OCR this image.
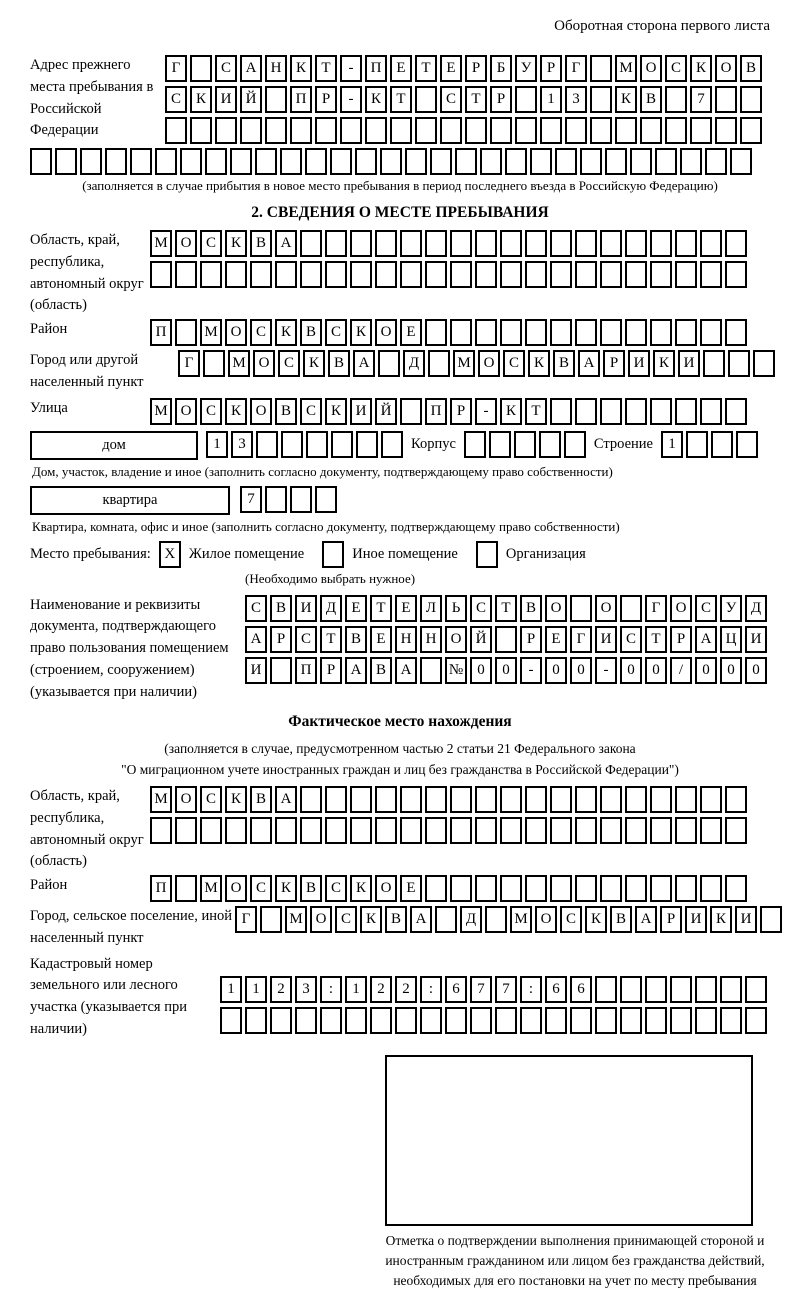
Оборотная сторона первого листа
Адрес прежнего места пребывания в Российской Федерации
Г	С А Н К	Т	-	П Е	Т	Е	Р	Б	У	Р	Г	М О С К О В
С К И Й	П	Р	-	К	Т	С	Т	Р	1	3	К В	7
(заполняется в случае прибытия в новое место пребывания в период последнего въезда в Российскую Федерацию)
2. СВЕДЕНИЯ О МЕСТЕ ПРЕБЫВАНИЯ
Область, край, республика, автономный округ (область)
М О С К В А
Район	П	М О С К В С К О Е
Город или другой населенный пункт
Г	М О С К В А	Д	М О С К В А	Р	И К И
Улица	М О С К О В С К И Й	П	Р	-	К	Т
дом	1	3	Корпус	Строение	1
Дом, участок, владение и иное (заполнить согласно документу, подтверждающему право собственности)
квартира	7
Квартира, комната, офис и иное (заполнить согласно документу, подтверждающему право собственности)
Место пребывания: X Жилое помещение	Иное помещение	Организация
(Необходимо выбрать нужное)
Наименование и реквизиты документа, подтверждающего право пользования помещением (строением, сооружением) (указывается при наличии)
С В И Д	Е	Т	Е	Л	Ь	С	Т	В О	О	Г	О С У Д
А	Р	С	Т	В	Е	Н Н О Й	Р	Е	Г	И С	Т	Р	А Ц И
И	П	Р	А В А	№ 0	0	-	0	0	-	0	0	/	0	0	0
Фактическое место нахождения
(заполняется в случае, предусмотренном частью 2 статьи 21 Федерального закона
"О миграционном учете иностранных граждан и лиц без гражданства в Российской Федерации")
Область, край, республика, автономный округ (область)
М О С К В А
Район	П	М О С К В С К О Е
Город, сельское поселение, иной населенный пункт
Г	М О С К В А	Д	М О С К В А	Р	И К И
Кадастровый номер земельного или лесного участка (указывается при наличии)
1	1	2	3	:	1	2	2	:	6	7	7	:	6	6
Отметка о подтверждении выполнения принимающей стороной и иностранным гражданином или лицом без гражданства действий, необходимых для его постановки на учет по месту пребывания
